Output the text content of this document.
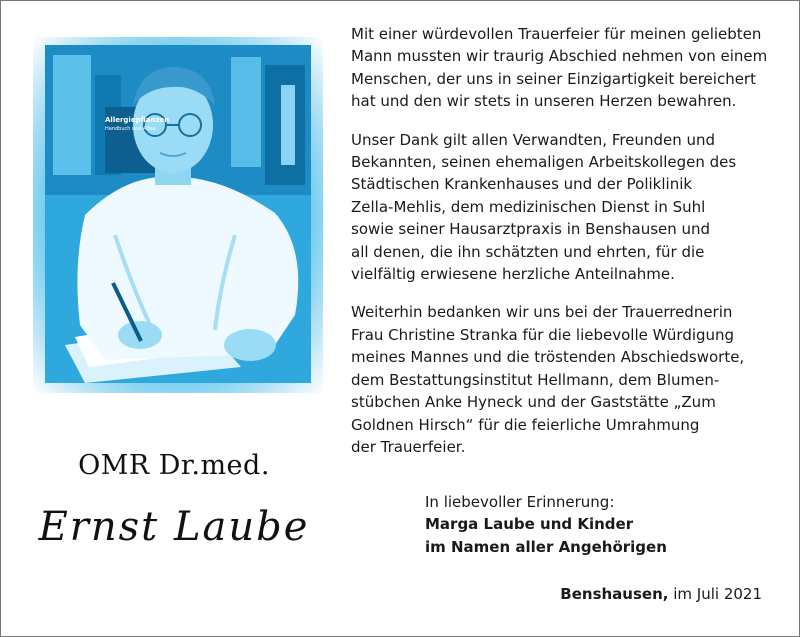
Allergiepflanzen
Handbuch und Atlas
OMR Dr.med.
Ernst Laube

Mit einer würdevollen Trauerfeier für meinen geliebten
Mann mussten wir traurig Abschied nehmen von einem
Menschen, der uns in seiner Einzigartigkeit bereichert
hat und den wir stets in unseren Herzen bewahren.

Unser Dank gilt allen Verwandten, Freunden und
Bekannten, seinen ehemaligen Arbeitskollegen des
Städtischen Krankenhauses und der Poliklinik
Zella-Mehlis, dem medizinischen Dienst in Suhl
sowie seiner Hausarztpraxis in Benshausen und
all denen, die ihn schätzten und ehrten, für die
vielfältig erwiesene herzliche Anteilnahme.

Weiterhin bedanken wir uns bei der Trauerrednerin
Frau Christine Stranka für die liebevolle Würdigung
meines Mannes und die tröstenden Abschiedsworte,
dem Bestattungsinstitut Hellmann, dem Blumen-
stübchen Anke Hyneck und der Gaststätte „Zum
Goldnen Hirsch“ für die feierliche Umrahmung
der Trauerfeier.

In liebevoller Erinnerung:
Marga Laube und Kinder
im Namen aller Angehörigen
Benshausen, im Juli 2021
